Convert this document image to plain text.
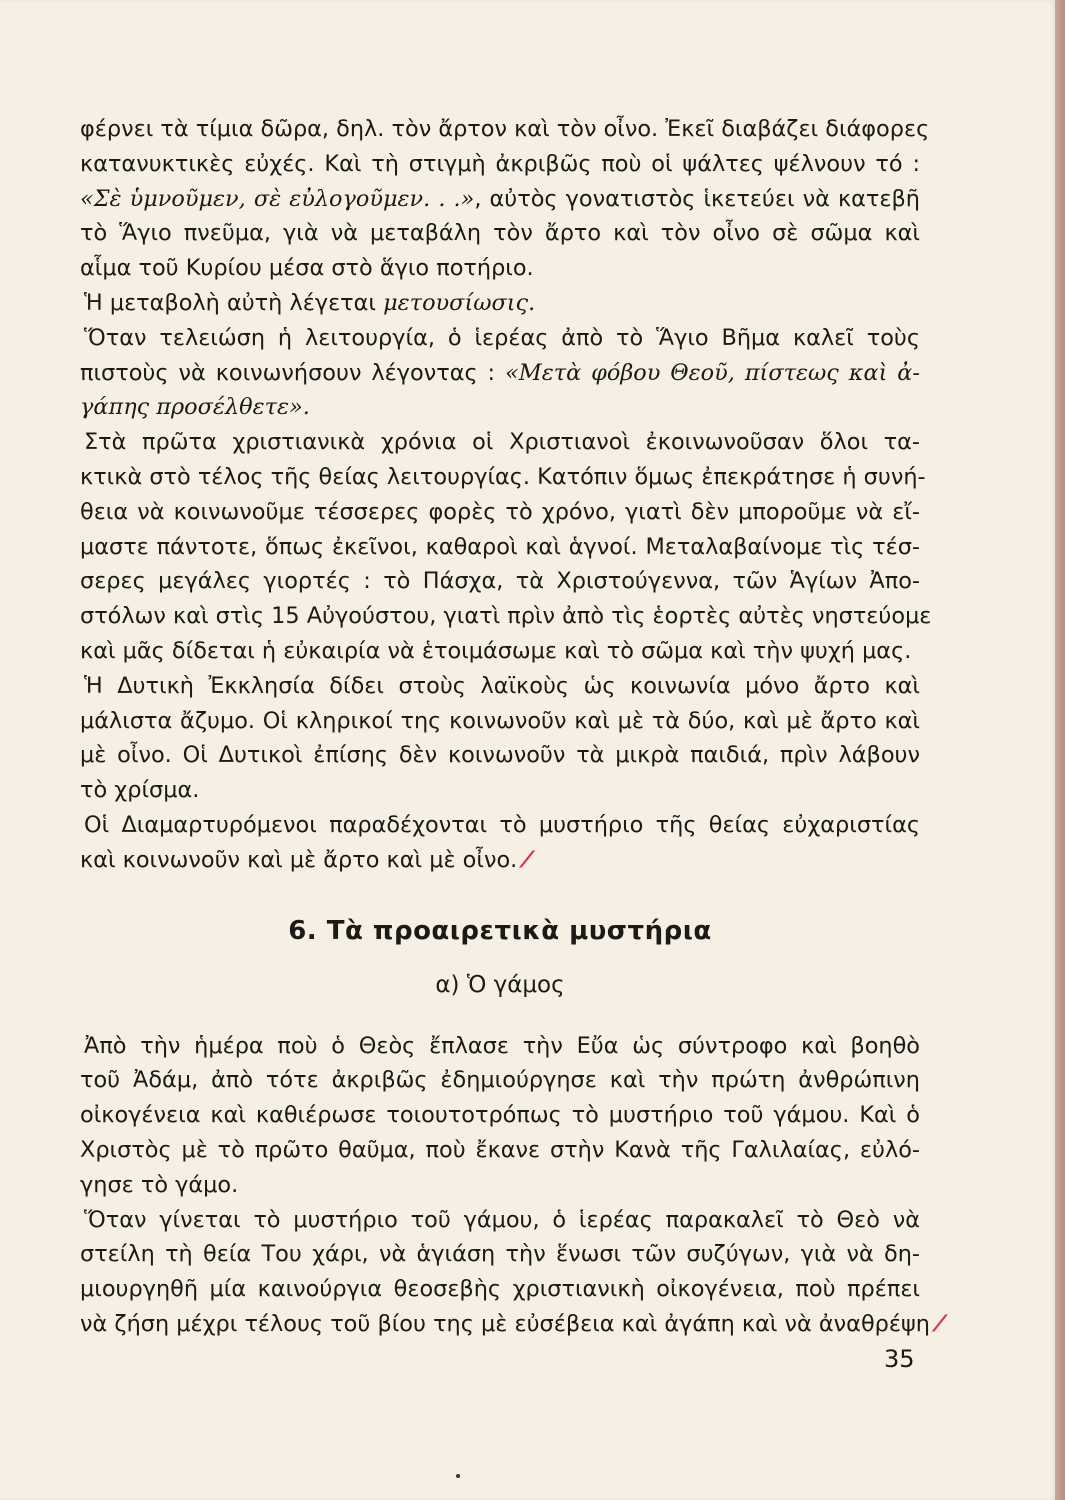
φέρνει τὰ τίμια δῶρα, δηλ. τὸν ἄρτον καὶ τὸν οἶνο. Ἐκεῖ διαβάζει διάφορες
κατανυκτικὲς εὐχές. Καὶ τὴ στιγμὴ ἀκριβῶς ποὺ οἱ ψάλτες ψέλνουν τό :
«Σὲ ὑμνοῦμεν, σὲ εὐλογοῦμεν. . .», αὐτὸς γονατιστὸς ἱκετεύει νὰ κατεβῆ
τὸ Ἅγιο πνεῦμα, γιὰ νὰ μεταβάλη τὸν ἄρτο καὶ τὸν οἶνο σὲ σῶμα καὶ
αἷμα τοῦ Κυρίου μέσα στὸ ἅγιο ποτήριο.
Ἡ μεταβολὴ αὐτὴ λέγεται μετουσίωσις.
Ὅταν τελειώση ἡ λειτουργία, ὁ ἱερέας ἀπὸ τὸ Ἅγιο Βῆμα καλεῖ τοὺς
πιστοὺς νὰ κοινωνήσουν λέγοντας : «Μετὰ φόβου Θεοῦ, πίστεως καὶ ἀ-
γάπης προσέλθετε».
Στὰ πρῶτα χριστιανικὰ χρόνια οἱ Χριστιανοὶ ἐκοινωνοῦσαν ὅλοι τα-
κτικὰ στὸ τέλος τῆς θείας λειτουργίας. Κατόπιν ὅμως ἐπεκράτησε ἡ συνή-
θεια νὰ κοινωνοῦμε τέσσερες φορὲς τὸ χρόνο, γιατὶ δὲν μποροῦμε νὰ εἴ-
μαστε πάντοτε, ὅπως ἐκεῖνοι, καθαροὶ καὶ ἁγνοί. Μεταλαβαίνομε τὶς τέσ-
σερες μεγάλες γιορτές : τὸ Πάσχα, τὰ Χριστούγεννα, τῶν Ἁγίων Ἀπο-
στόλων καὶ στὶς 15 Αὐγούστου, γιατὶ πρὶν ἀπὸ τὶς ἑορτὲς αὐτὲς νηστεύομε
καὶ μᾶς δίδεται ἡ εὐκαιρία νὰ ἑτοιμάσωμε καὶ τὸ σῶμα καὶ τὴν ψυχή μας.
Ἡ Δυτικὴ Ἐκκλησία δίδει στοὺς λαϊκοὺς ὡς κοινωνία μόνο ἄρτο καὶ
μάλιστα ἄζυμο. Οἱ κληρικοί της κοινωνοῦν καὶ μὲ τὰ δύο, καὶ μὲ ἄρτο καὶ
μὲ οἶνο. Οἱ Δυτικοὶ ἐπίσης δὲν κοινωνοῦν τὰ μικρὰ παιδιά, πρὶν λάβουν
τὸ χρίσμα.
Οἱ Διαμαρτυρόμενοι παραδέχονται τὸ μυστήριο τῆς θείας εὐχαριστίας
καὶ κοινωνοῦν καὶ μὲ ἄρτο καὶ μὲ οἶνο. ⁄
6. Τὰ προαιρετικὰ μυστήρια
α) Ὁ γάμος
Ἀπὸ τὴν ἡμέρα ποὺ ὁ Θεὸς ἔπλασε τὴν Εὔα ὡς σύντροφο καὶ βοηθὸ
τοῦ Ἀδάμ, ἀπὸ τότε ἀκριβῶς ἐδημιούργησε καὶ τὴν πρώτη ἀνθρώπινη
οἰκογένεια καὶ καθιέρωσε τοιουτοτρόπως τὸ μυστήριο τοῦ γάμου. Καὶ ὁ
Χριστὸς μὲ τὸ πρῶτο θαῦμα, ποὺ ἔκανε στὴν Κανὰ τῆς Γαλιλαίας, εὐλό-
γησε τὸ γάμο.
Ὅταν γίνεται τὸ μυστήριο τοῦ γάμου, ὁ ἱερέας παρακαλεῖ τὸ Θεὸ νὰ
στείλη τὴ θεία Του χάρι, νὰ ἁγιάση τὴν ἕνωσι τῶν συζύγων, γιὰ νὰ δη-
μιουργηθῆ μία καινούργια θεοσεβὴς χριστιανικὴ οἰκογένεια, ποὺ πρέπει
νὰ ζήση μέχρι τέλους τοῦ βίου της μὲ εὐσέβεια καὶ ἀγάπη καὶ νὰ ἀναθρέψη ⁄
35
